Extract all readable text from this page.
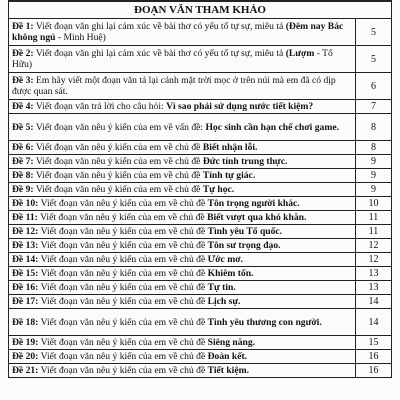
ĐOẠN VĂN THAM KHẢO	
Đề 1: Viết đoạn văn ghi lại cảm xúc về bài thơ có yếu tố tự sự, miêu tả (Đêm nay Bác không ngủ - Minh Huệ)	5
Đề 2: Viết đoạn văn ghi lại cảm xúc về bài thơ có yếu tố tự sự, miêu tả (Lượm - Tố Hữu)	5
Đề 3: Em hãy viết một đoạn văn tả lại cảnh mặt trời mọc ở trên núi mà em đã có dịp được quan sát.	6
Đề 4: Viết đoạn văn trả lời cho câu hỏi: Vì sao phải sử dụng nước tiết kiệm?	7
Đề 5: Viết đoạn văn nêu ý kiến của em về vấn đề: Học sinh cần hạn chế chơi game.	8
Đề 6: Viết đoạn văn nêu ý kiến của em về chủ đề Biết nhận lỗi.	8
Đề 7: Viết đoạn văn nêu ý kiến của em về chủ đề Đức tính trung thực.	9
Đề 8: Viết đoạn văn nêu ý kiến của em về chủ đề Tính tự giác.	9
Đề 9: Viết đoạn văn nêu ý kiến của em về chủ đề Tự học.	9
Đề 10: Viết đoạn văn nêu ý kiến của em về chủ đề Tôn trọng người khác.	10
Đề 11: Viết đoạn văn nêu ý kiến của em về chủ đề Biết vượt qua khó khăn.	11
Đề 12: Viết đoạn văn nêu ý kiến của em về chủ đề Tình yêu Tổ quốc.	11
Đề 13: Viết đoạn văn nêu ý kiến của em về chủ đề Tôn sư trọng đạo.	12
Đề 14: Viết đoạn văn nêu ý kiến của em về chủ đề Ước mơ.	12
Đề 15: Viết đoạn văn nêu ý kiến của em về chủ đề Khiêm tốn.	13
Đề 16: Viết đoạn văn nêu ý kiến của em về chủ đề Tự tin.	13
Đề 17: Viết đoạn văn nêu ý kiến của em về chủ đề Lịch sự.	14
Đề 18: Viết đoạn văn nêu ý kiến của em về chủ đề Tình yêu thương con người.	14
Đề 19: Viết đoạn văn nêu ý kiến của em về chủ đề Siêng năng.	15
Đề 20: Viết đoạn văn nêu ý kiến của em về chủ đề Đoàn kết.	16
Đề 21: Viết đoạn văn nêu ý kiến của em về chủ đề Tiết kiệm.	16
